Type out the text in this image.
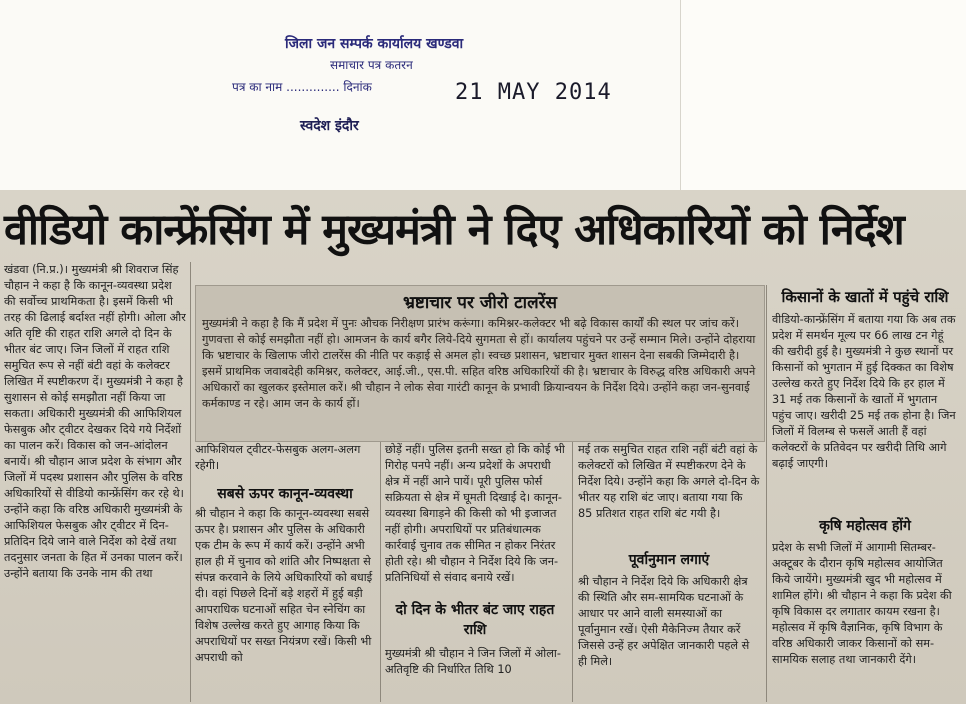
जिला जन सम्पर्क कार्यालय खण्डवा
समाचार पत्र कतरन
पत्र का नाम .............. दिनांक	21 MAY 2014
स्वदेश इंदौर
वीडियो कान्फ्रेंसिंग में मुख्यमंत्री ने दिए अधिकारियों को निर्देश

खंडवा (नि.प्र.)। मुख्यमंत्री श्री शिवराज सिंह चौहान ने कहा है कि कानून-व्यवस्था प्रदेश की सर्वोच्च प्राथमिकता है। इसमें किसी भी तरह की ढिलाई बर्दाश्त नहीं होगी। ओला और अति वृष्टि की राहत राशि अगले दो दिन के भीतर बंट जाए। जिन जिलों में राहत राशि समुचित रूप से नहीं बंटी वहां के कलेक्टर लिखित में स्पष्टीकरण दें। मुख्यमंत्री ने कहा है सुशासन से कोई समझौता नहीं किया जा सकता। अधिकारी मुख्यमंत्री की आफिशियल फेसबुक और ट्वीटर देखकर दिये गये निर्देशों का पालन करें। विकास को जन-आंदोलन बनायें। श्री चौहान आज प्रदेश के संभाग और जिलों में पदस्थ प्रशासन और पुलिस के वरिष्ठ अधिकारियों से वीडियो कान्फ्रेंसिंग कर रहे थे। उन्होंने कहा कि वरिष्ठ अधिकारी मुख्यमंत्री के आफिशियल फेसबुक और ट्वीटर में दिन-प्रतिदिन दिये जाने वाले निर्देश को देखें तथा तदनुसार जनता के हित में उनका पालन करें। उन्होंने बताया कि उनके नाम की तथा

भ्रष्टाचार पर जीरो टालरेंस
मुख्यमंत्री ने कहा है कि मैं प्रदेश में पुनः औचक निरीक्षण प्रारंभ करूंगा। कमिश्नर-कलेक्टर भी बढ़े विकास कार्यों की स्थल पर जांच करें। गुणवत्ता से कोई समझौता नहीं हो। आमजन के कार्य बगैर लिये-दिये सुगमता से हों। कार्यालय पहुंचने पर उन्हें सम्मान मिले। उन्होंने दोहराया कि भ्रष्टाचार के खिलाफ जीरो टालरेंस की नीति पर कड़ाई से अमल हो। स्वच्छ प्रशासन, भ्रष्टाचार मुक्त शासन देना सबकी जिम्मेदारी है। इसमें प्राथमिक जवाबदेही कमिश्नर, कलेक्टर, आई.जी., एस.पी. सहित वरिष्ठ अधिकारियों की है। भ्रष्टाचार के विरुद्ध वरिष्ठ अधिकारी अपने अधिकारों का खुलकर इस्तेमाल करें। श्री चौहान ने लोक सेवा गारंटी कानून के प्रभावी क्रियान्वयन के निर्देश दिये। उन्होंने कहा जन-सुनवाई कर्मकाण्ड न रहे। आम जन के कार्य हों।

आफिशियल ट्वीटर-फेसबुक अलग-अलग रहेगी।

सबसे ऊपर कानून-व्यवस्था

श्री चौहान ने कहा कि कानून-व्यवस्था सबसे ऊपर है। प्रशासन और पुलिस के अधिकारी एक टीम के रूप में कार्य करें। उन्होंने अभी हाल ही में चुनाव को शांति और निष्पक्षता से संपन्न करवाने के लिये अधिकारियों को बधाई दी। वहां पिछले दिनों बड़े शहरों में हुई बड़ी आपराधिक घटनाओं सहित चेन स्नेचिंग का विशेष उल्लेख करते हुए आगाह किया कि अपराधियों पर सख्त नियंत्रण रखें। किसी भी अपराधी को

छोड़ें नहीं। पुलिस इतनी सख्त हो कि कोई भी गिरोह पनपे नहीं। अन्य प्रदेशों के अपराधी क्षेत्र में नहीं आने पायें। पूरी पुलिस फोर्स सक्रियता से क्षेत्र में घूमती दिखाई दे। कानून-व्यवस्था बिगाड़ने की किसी को भी इजाजत नहीं होगी। अपराधियों पर प्रतिबंधात्मक कार्रवाई चुनाव तक सीमित न होकर निरंतर होती रहे। श्री चौहान ने निर्देश दिये कि जन-प्रतिनिधियों से संवाद बनाये रखें।

दो दिन के भीतर बंट जाए राहत राशि

मुख्यमंत्री श्री चौहान ने जिन जिलों में ओला-अतिवृष्टि की निर्धारित तिथि 10

मई तक समुचित राहत राशि नहीं बंटी वहां के कलेक्टरों को लिखित में स्पष्टीकरण देने के निर्देश दिये। उन्होंने कहा कि अगले दो-दिन के भीतर यह राशि बंट जाए। बताया गया कि 85 प्रतिशत राहत राशि बंट गयी है।

पूर्वानुमान लगाएं

श्री चौहान ने निर्देश दिये कि अधिकारी क्षेत्र की स्थिति और सम-सामयिक घटनाओं के आधार पर आने वाली समस्याओं का पूर्वानुमान रखें। ऐसी मैकेनिज्म तैयार करें जिससे उन्हें हर अपेक्षित जानकारी पहले से ही मिले।

किसानों के खातों में पहुंचे राशि

वीडियो-कान्फ्रेंसिंग में बताया गया कि अब तक प्रदेश में समर्थन मूल्य पर 66 लाख टन गेहूं की खरीदी हुई है। मुख्यमंत्री ने कुछ स्थानों पर किसानों को भुगतान में हुई दिक्कत का विशेष उल्लेख करते हुए निर्देश दिये कि हर हाल में 31 मई तक किसानों के खातों में भुगतान पहुंच जाए। खरीदी 25 मई तक होना है। जिन जिलों में विलम्ब से फसलें आती हैं वहां कलेक्टरों के प्रतिवेदन पर खरीदी तिथि आगे बढ़ाई जाएगी।

कृषि महोत्सव होंगे

प्रदेश के सभी जिलों में आगामी सितम्बर-अक्टूबर के दौरान कृषि महोत्सव आयोजित किये जायेंगे। मुख्यमंत्री खुद भी महोत्सव में शामिल होंगे। श्री चौहान ने कहा कि प्रदेश की कृषि विकास दर लगातार कायम रखना है। महोत्सव में कृषि वैज्ञानिक, कृषि विभाग के वरिष्ठ अधिकारी जाकर किसानों को सम-सामयिक सलाह तथा जानकारी देंगे।
